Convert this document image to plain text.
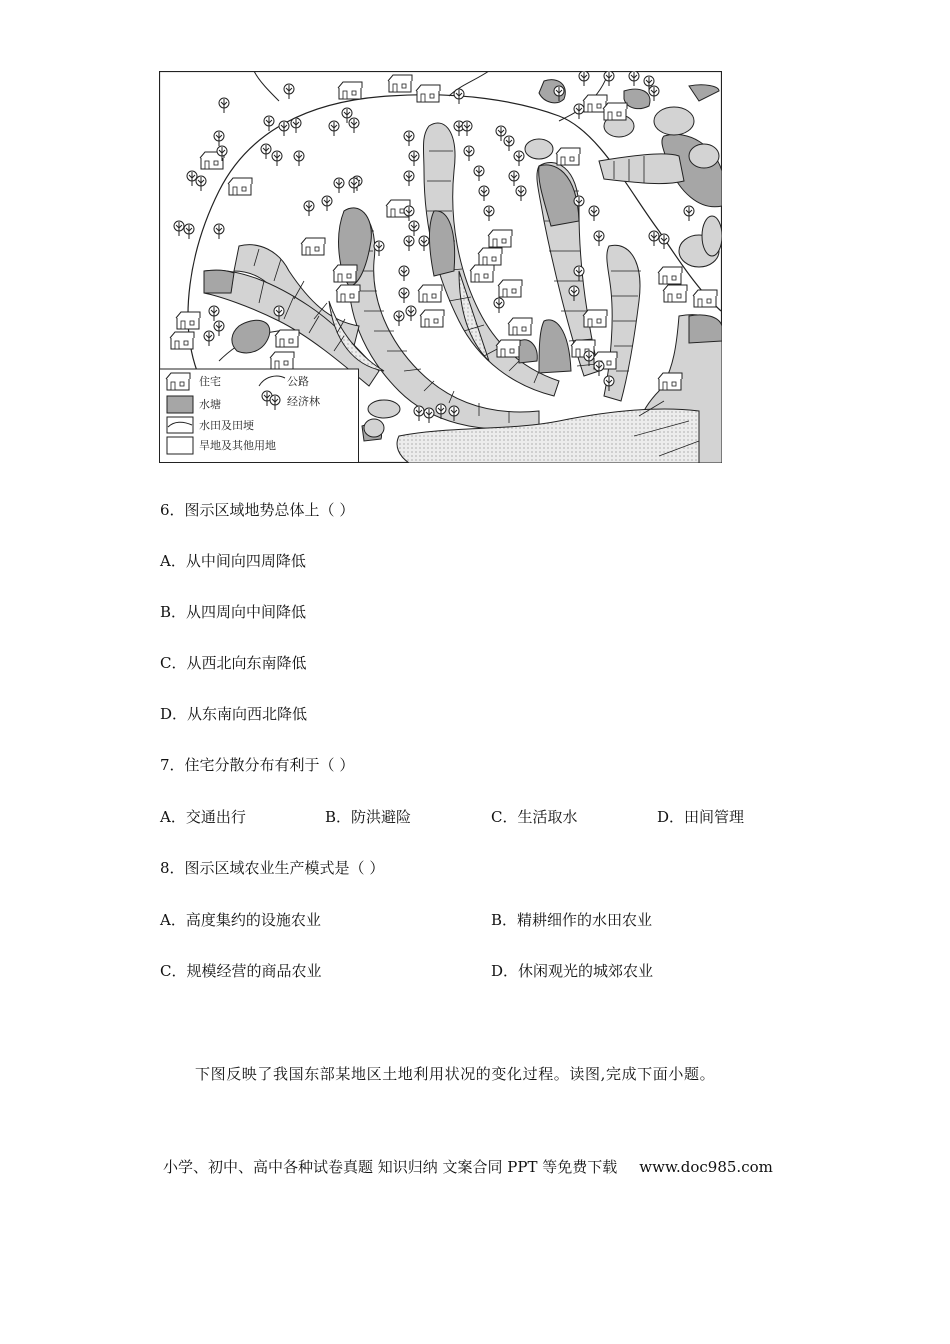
住宅	公路
水塘	经济林
水田及田埂
旱地及其他用地
6．图示区域地势总体上（ ）
A．从中间向四周降低
B．从四周向中间降低
C．从西北向东南降低
D．从东南向西北降低
7．住宅分散分布有利于（ ）
A．交通出行	B．防洪避险	C．生活取水	D．田间管理
8．图示区域农业生产模式是（ ）
A．高度集约的设施农业	B．精耕细作的水田农业
C．规模经营的商品农业	D．休闲观光的城郊农业
下图反映了我国东部某地区土地利用状况的变化过程。读图,完成下面小题。
小学、初中、高中各种试卷真题 知识归纳 文案合同 PPT 等免费下载 www.doc985.com
